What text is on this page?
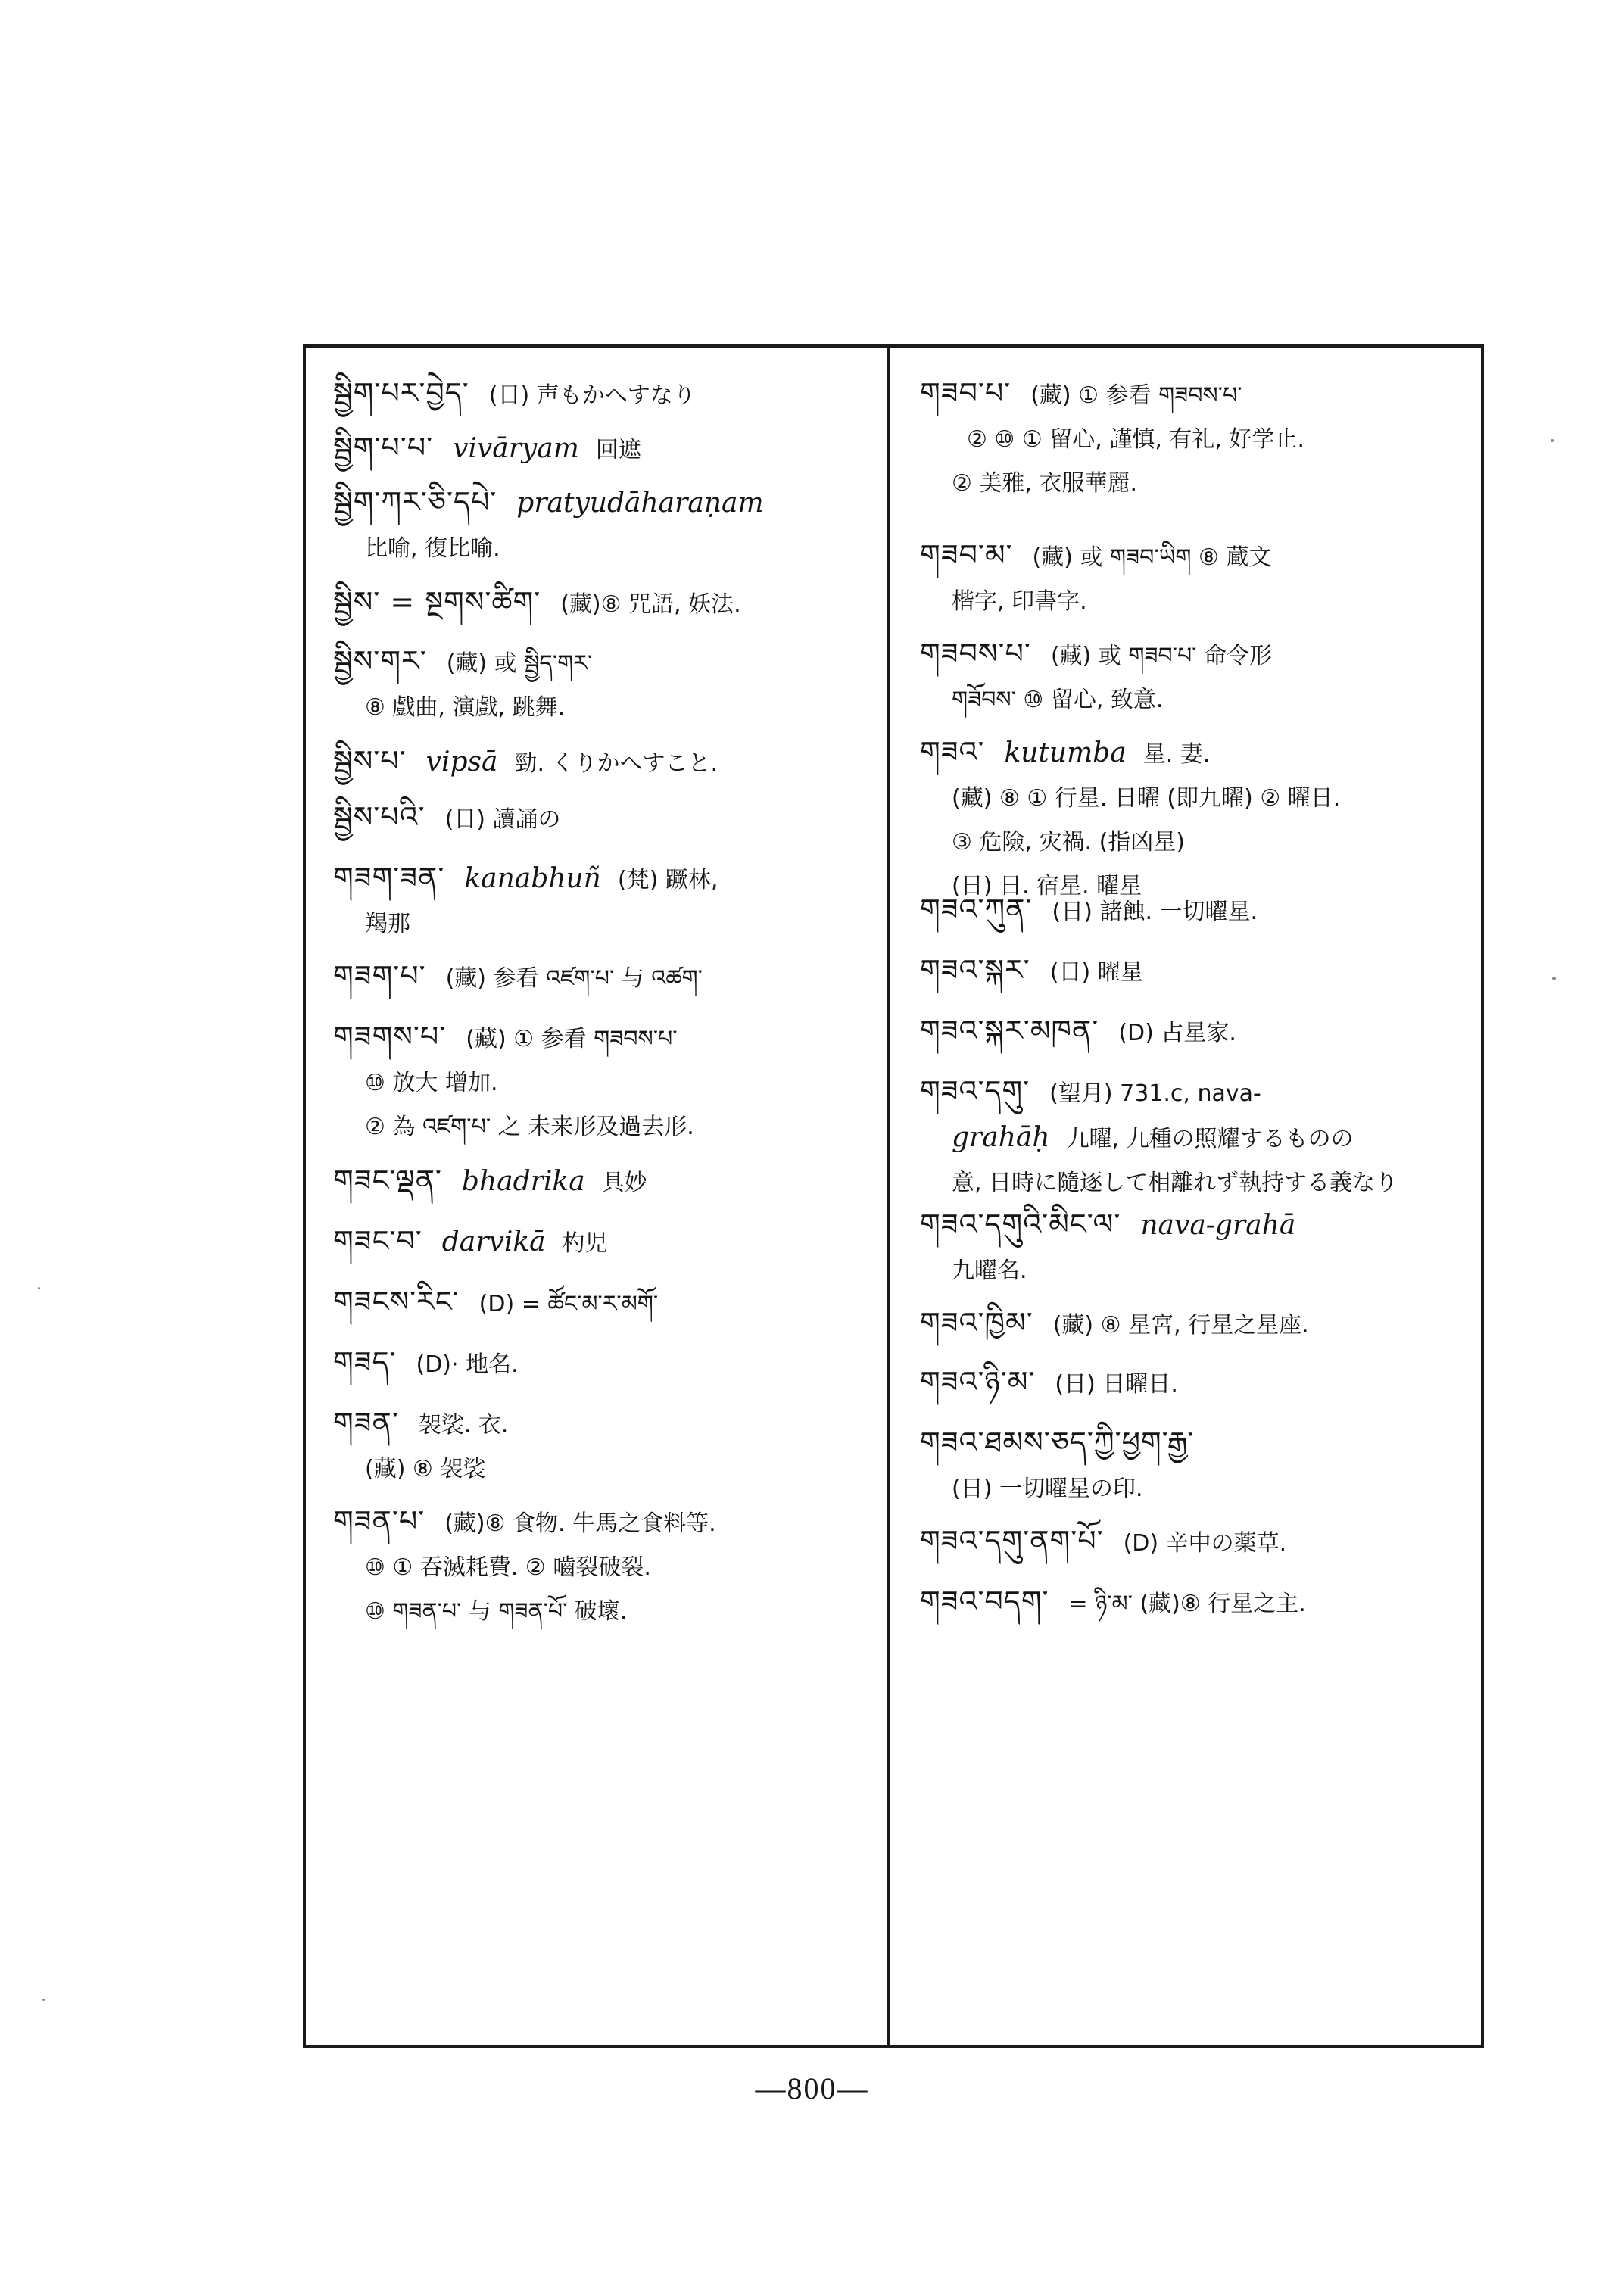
སྦྱིག་པར་བྱེད་ (日) 声もかへすなり
སྦྱིག་པ་པ་ vivāryam 回遮
སྦྱིག་ཀར་ཅི་དཔེ་ pratyudāharaṇam
比喻, 復比喻.
སྦྱིས་ = སྔགས་ཚིག་ (藏)⑧ 咒語, 妖法.
སྦྱིས་གར་ (藏) 或 སྦྱིད་གར་
⑧ 戲曲, 演戲, 跳舞.
སྦྱིས་པ་ vipsā 勁. くりかへすこと.
སྦྱིས་པའི་ (日) 讀誦の
གཟག་ཟན་ kanabhuñ (梵) 蹶林,
羯那
གཟག་པ་ (藏) 参看 འཛག་པ་ 与 འཚག་
གཟགས་པ་ (藏) ① 参看 གཟབས་པ་
⑩ 放大 增加.
② 為 འཛག་པ་ 之 未来形及過去形.
གཟང་ལྡན་ bhadrika 具妙
གཟང་བ་ darvikā 杓児
གཟངས་རིང་ (D) = ཚོང་མ་ར་མགོ་
གཟད་ (D)· 地名.
གཟན་ 袈裟. 衣.
(藏) ⑧ 袈裟
གཟན་པ་ (藏)⑧ 食物. 牛馬之食料等.
⑩ ① 吞滅耗費. ② 嚙裂破裂.
⑩ གཟན་པ་ 与 གཟན་པོ་ 破壞.
གཟབ་པ་ (藏) ① 参看 གཟབས་པ་
② ⑩ ① 留心, 謹慎, 有礼, 好学止.
② 美雅, 衣服華麗.
གཟབ་མ་ (藏) 或 གཟབ་ཡིག ⑧ 蔵文
楷字, 印書字.
གཟབས་པ་ (藏) 或 གཟབ་པ་ 命令形
གཟོབས་ ⑩ 留心, 致意.
གཟའ་ kutumba 星. 妻.
(藏) ⑧ ① 行星. 日曜 (即九曜) ② 曜日.
③ 危險, 灾禍. (指凶星)
(日) 日. 宿星. 曜星
གཟའ་ཀུན་ (日) 諸蝕. 一切曜星.
གཟའ་སྐར་ (日) 曜星
གཟའ་སྐར་མཁན་ (D) 占星家.
གཟའ་དགུ་ (望月) 731.c, nava-
grahāḥ 九曜, 九種の照耀するものの
意, 日時に隨逐して相離れず執持する義なり
གཟའ་དགུའི་མིང་ལ་ nava-grahā
九曜名.
གཟའ་ཁྱིམ་ (藏) ⑧ 星宮, 行星之星座.
གཟའ་ཉི་མ་ (日) 日曜日.
གཟའ་ཐམས་ཅད་ཀྱི་ཕྱག་རྒྱ་
(日) 一切曜星の印.
གཟའ་དགུ་ནག་པོ་ (D) 辛中の薬草.
གཟའ་བདག་ = ཉི་མ་ (藏)⑧ 行星之主.
—800—
